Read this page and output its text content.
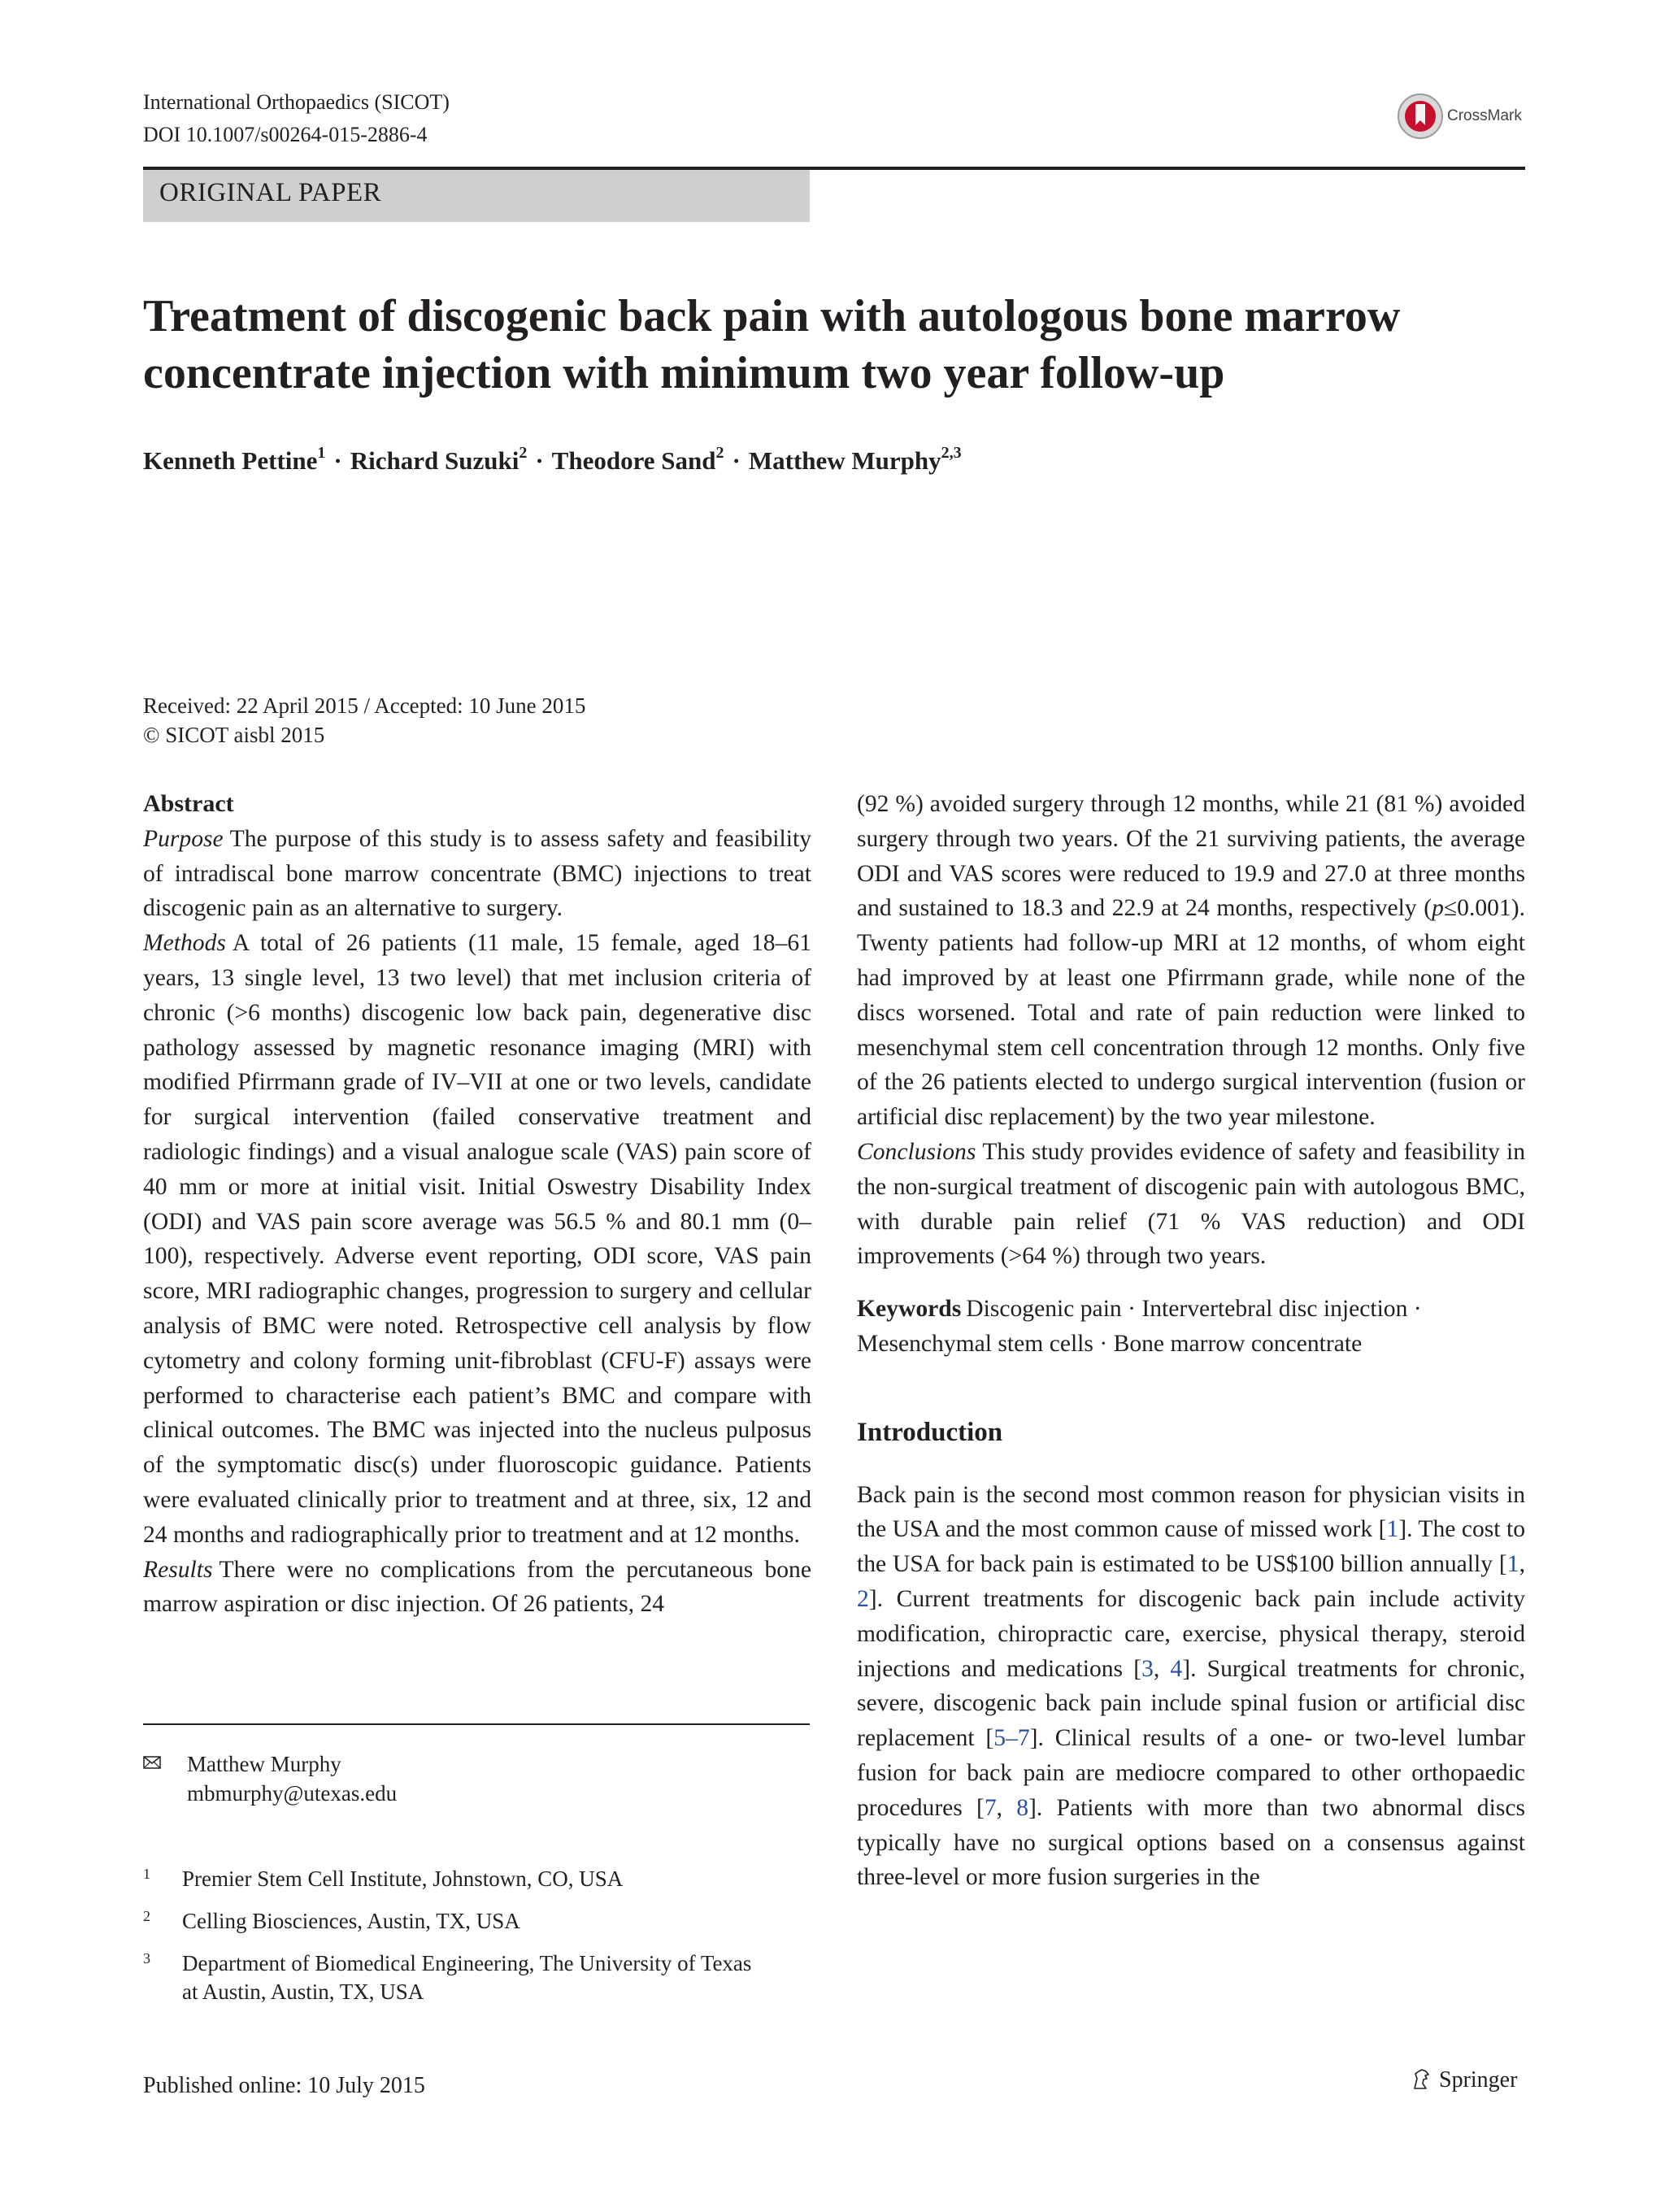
International Orthopaedics (SICOT)
DOI 10.1007/s00264-015-2886-4
CrossMark
ORIGINAL PAPER
Treatment of discogenic back pain with autologous bone marrow concentrate injection with minimum two year follow-up
Kenneth Pettine$^1$ · Richard Suzuki$^2$ · Theodore Sand$^2$ · Matthew Murphy$^{2,3}$
Received: 22 April 2015 / Accepted: 10 June 2015
© SICOT aisbl 2015

Abstract

Purpose The purpose of this study is to assess safety and feasibility of intradiscal bone marrow concentrate (BMC) injections to treat discogenic pain as an alternative to surgery.

Methods A total of 26 patients (11 male, 15 female, aged 18–61 years, 13 single level, 13 two level) that met inclusion criteria of chronic (>6 months) discogenic low back pain, degenerative disc pathology assessed by magnetic resonance imaging (MRI) with modified Pfirrmann grade of IV–VII at one or two levels, candidate for surgical intervention (failed conservative treatment and radiologic findings) and a visual analogue scale (VAS) pain score of 40 mm or more at initial visit. Initial Oswestry Disability Index (ODI) and VAS pain score average was 56.5 % and 80.1 mm (0–100), respectively. Adverse event reporting, ODI score, VAS pain score, MRI radiographic changes, progression to surgery and cellular analysis of BMC were noted. Retrospective cell analysis by flow cytometry and colony forming unit-fibroblast (CFU-F) assays were performed to characterise each patient’s BMC and compare with clinical outcomes. The BMC was injected into the nucleus pulposus of the symptomatic disc(s) under fluoroscopic guidance. Patients were evaluated clinically prior to treatment and at three, six, 12 and 24 months and radiographically prior to treatment and at 12 months.

Results There were no complications from the percutaneous bone marrow aspiration or disc injection. Of 26 patients, 24

Matthew Murphy
mbmurphy@utexas.edu
1 Premier Stem Cell Institute, Johnstown, CO, USA
2 Celling Biosciences, Austin, TX, USA
3 Department of Biomedical Engineering, The University of Texas at Austin, Austin, TX, USA

(92 %) avoided surgery through 12 months, while 21 (81 %) avoided surgery through two years. Of the 21 surviving patients, the average ODI and VAS scores were reduced to 19.9 and 27.0 at three months and sustained to 18.3 and 22.9 at 24 months, respectively (p≤0.001). Twenty patients had follow-up MRI at 12 months, of whom eight had improved by at least one Pfirrmann grade, while none of the discs worsened. Total and rate of pain reduction were linked to mesenchymal stem cell concentration through 12 months. Only five of the 26 patients elected to undergo surgical intervention (fusion or artificial disc replacement) by the two year milestone.

Conclusions This study provides evidence of safety and feasibility in the non-surgical treatment of discogenic pain with autologous BMC, with durable pain relief (71 % VAS reduction) and ODI improvements (>64 %) through two years.

Keywords Discogenic pain · Intervertebral disc injection ·
Mesenchymal stem cells · Bone marrow concentrate

Introduction

Back pain is the second most common reason for physician visits in the USA and the most common cause of missed work [1]. The cost to the USA for back pain is estimated to be US$100 billion annually [1, 2]. Current treatments for discogenic back pain include activity modification, chiropractic care, exercise, physical therapy, steroid injections and medications [3, 4]. Surgical treatments for chronic, severe, discogenic back pain include spinal fusion or artificial disc replacement [5–7]. Clinical results of a one- or two-level lumbar fusion for back pain are mediocre compared to other orthopaedic procedures [7, 8]. Patients with more than two abnormal discs typically have no surgical options based on a consensus against three-level or more fusion surgeries in the

Published online: 10 July 2015	Springer
